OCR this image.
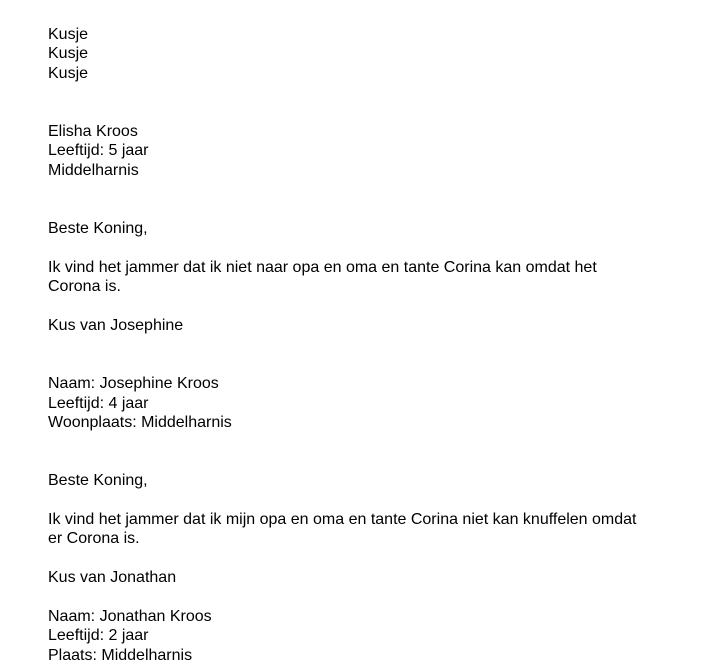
Kusje
Kusje
Kusje
Elisha Kroos
Leeftijd: 5 jaar
Middelharnis
Beste Koning,
Ik vind het jammer dat ik niet naar opa en oma en tante Corina kan omdat het
Corona is.
Kus van Josephine
Naam: Josephine Kroos
Leeftijd: 4 jaar
Woonplaats: Middelharnis
Beste Koning,
Ik vind het jammer dat ik mijn opa en oma en tante Corina niet kan knuffelen omdat
er Corona is.
Kus van Jonathan
Naam: Jonathan Kroos
Leeftijd: 2 jaar
Plaats: Middelharnis
